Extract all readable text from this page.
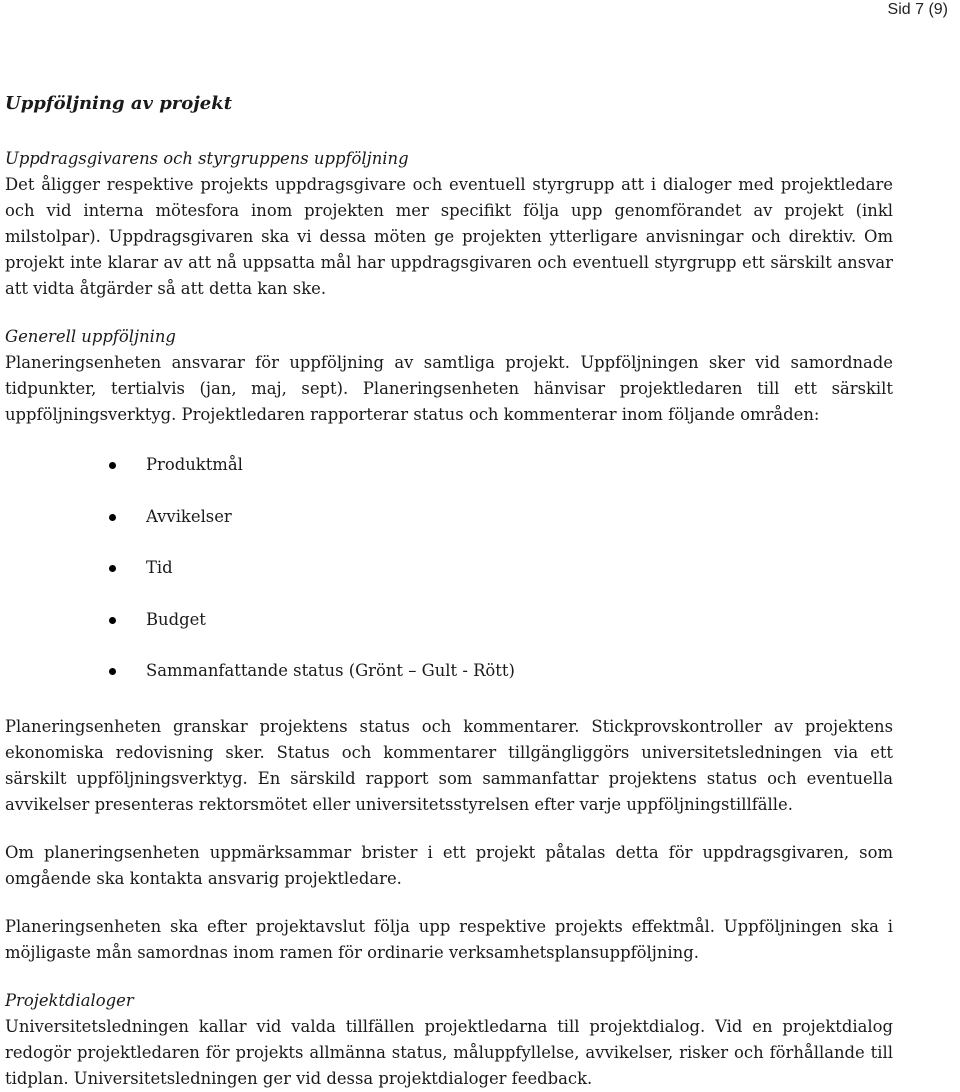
Sid 7 (9)
Uppföljning av projekt
Uppdragsgivarens och styrgruppens uppföljning

Det åligger respektive projekts uppdragsgivare och eventuell styrgrupp att i dialoger med projektledare och vid interna mötesfora inom projekten mer specifikt följa upp genomförandet av projekt (inkl milstolpar). Uppdragsgivaren ska vi dessa möten ge projekten ytterligare anvisningar och direktiv. Om projekt inte klarar av att nå uppsatta mål har uppdragsgivaren och eventuell styrgrupp ett särskilt ansvar att vidta åtgärder så att detta kan ske.

Generell uppföljning

Planeringsenheten ansvarar för uppföljning av samtliga projekt. Uppföljningen sker vid samordnade tidpunkter, tertialvis (jan, maj, sept). Planeringsenheten hänvisar projektledaren till ett särskilt uppföljningsverktyg. Projektledaren rapporterar status och kommenterar inom följande områden:

Produktmål
Avvikelser
Tid
Budget
Sammanfattande status (Grönt – Gult - Rött)

Planeringsenheten granskar projektens status och kommentarer. Stickprovskontroller av projektens ekonomiska redovisning sker. Status och kommentarer tillgängliggörs universitetsledningen via ett särskilt uppföljningsverktyg. En särskild rapport som sammanfattar projektens status och eventuella avvikelser presenteras rektorsmötet eller universitetsstyrelsen efter varje uppföljningstillfälle.

Om planeringsenheten uppmärksammar brister i ett projekt påtalas detta för uppdragsgivaren, som omgående ska kontakta ansvarig projektledare.

Planeringsenheten ska efter projektavslut följa upp respektive projekts effektmål. Uppföljningen ska i möjligaste mån samordnas inom ramen för ordinarie verksamhetsplansuppföljning.

Projektdialoger

Universitetsledningen kallar vid valda tillfällen projektledarna till projektdialog. Vid en projektdialog redogör projektledaren för projekts allmänna status, måluppfyllelse, avvikelser, risker och förhållande till tidplan. Universitetsledningen ger vid dessa projektdialoger feedback.
